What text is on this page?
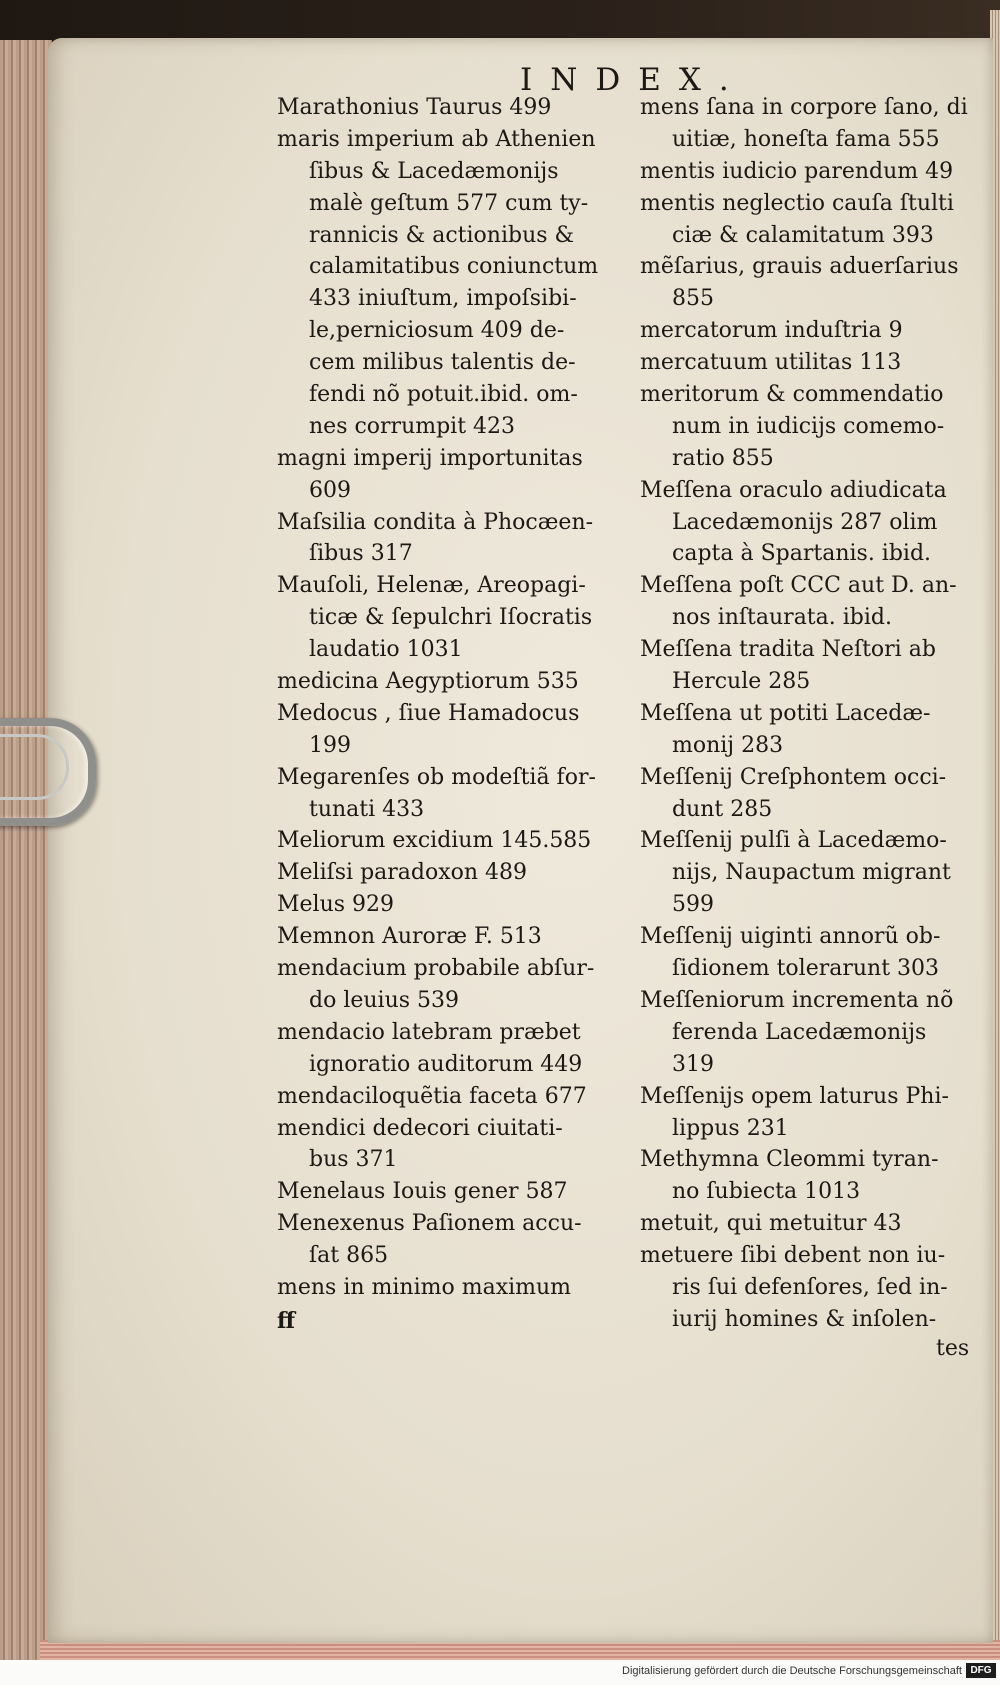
INDEX.
Marathonius Taurus 499
maris imperium ab Athenien
ſibus & Lacedæmonijs
malè geſtum 577 cum ty-
rannicis & actionibus &
calamitatibus coniunctum
433 iniuſtum, impoſsibi-
le,perniciosum 409 de-
cem milibus talentis de-
fendi nõ potuit.ibid. om-
nes corrumpit 423
magni imperij importunitas
609
Maſsilia condita à Phocæen-
ſibus 317
Mauſoli, Helenæ, Areopagi-
ticæ & ſepulchri Iſocratis
laudatio 1031
medicina Aegyptiorum 535
Medocus , ſiue Hamadocus
199
Megarenſes ob modeſtiã for-
tunati 433
Meliorum excidium 145.585
Meliſsi paradoxon 489
Melus 929
Memnon Auroræ F. 513
mendacium probabile abſur-
do leuius 539
mendacio latebram præbet
ignoratio auditorum 449
mendaciloquẽtia faceta 677
mendici dedecori ciuitati-
bus 371
Menelaus Iouis gener 587
Menexenus Paſionem accu-
ſat 865
mens in minimo maximum
mens ſana in corpore ſano, di
uitiæ, honeſta fama 555
mentis iudicio parendum 49
mentis neglectio cauſa ſtulti
ciæ & calamitatum 393
mẽſarius, grauis aduerſarius
855
mercatorum induſtria 9
mercatuum utilitas 113
meritorum & commendatio
num in iudicijs comemo-
ratio 855
Meſſena oraculo adiudicata
Lacedæmonijs 287 olim
capta à Spartanis. ibid.
Meſſena poſt CCC aut D. an-
nos inſtaurata. ibid.
Meſſena tradita Neſtori ab
Hercule 285
Meſſena ut potiti Lacedæ-
monij 283
Meſſenij Creſphontem occi-
dunt 285
Meſſenij pulſi à Lacedæmo-
nijs, Naupactum migrant
599
Meſſenij uiginti annorũ ob-
ſidionem tolerarunt 303
Meſſeniorum incrementa nõ
ferenda Lacedæmonijs
319
Meſſenijs opem laturus Phi-
lippus 231
Methymna Cleommi tyran-
no ſubiecta 1013
metuit, qui metuitur 43
metuere ſibi debent non iu-
ris ſui defenſores, ſed in-
iurij homines & inſolen-
tes
ff
Digitalisierung gefördert durch die Deutsche Forschungsgemeinschaft DFG
